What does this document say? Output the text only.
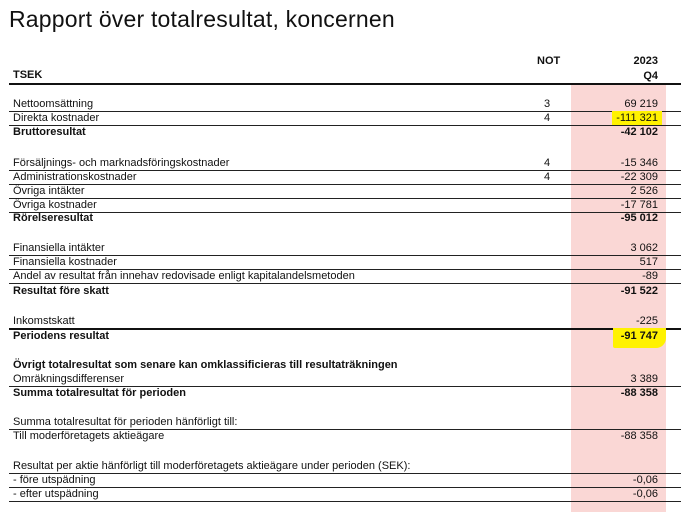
Rapport över totalresultat, koncernen
NOT	2023
TSEK	Q4
Nettoomsättning	3	69 219
Direkta kostnader	4	-111 321
Bruttoresultat	-42 102
Försäljnings- och marknadsföringskostnader	4	-15 346
Administrationskostnader	4	-22 309
Övriga intäkter	2 526
Övriga kostnader	-17 781
Rörelseresultat	-95 012
Finansiella intäkter	3 062
Finansiella kostnader	517
Andel av resultat från innehav redovisade enligt kapitalandelsmetoden	-89
Resultat före skatt	-91 522
Inkomstskatt	-225
Periodens resultat	-91 747
Övrigt totalresultat som senare kan omklassificieras till resultaträkningen
Omräkningsdifferenser	3 389
Summa totalresultat för perioden	-88 358
Summa totalresultat för perioden hänförligt till:
Till moderföretagets aktieägare	-88 358
Resultat per aktie hänförligt till moderföretagets aktieägare under perioden (SEK):
- före utspädning	-0,06
- efter utspädning	-0,06
